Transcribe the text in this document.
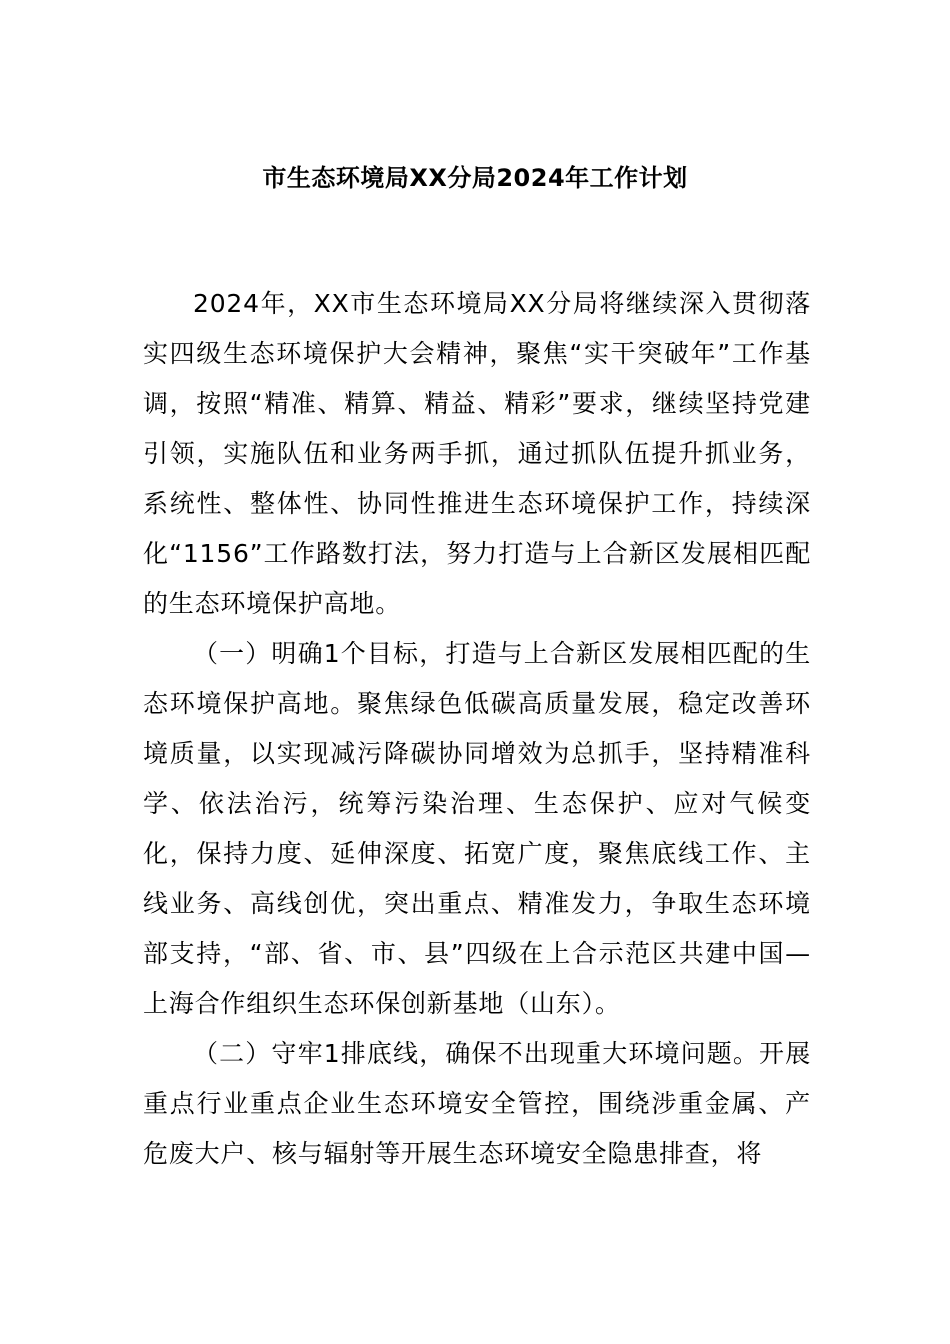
市生态环境局XX分局2024年工作计划

2024年，XX市生态环境局XX分局将继续深入贯彻落实四级生态环境保护大会精神，聚焦“实干突破年”工作基调，按照“精准、精算、精益、精彩”要求，继续坚持党建引领，实施队伍和业务两手抓，通过抓队伍提升抓业务，系统性、整体性、协同性推进生态环境保护工作，持续深化“1156”工作路数打法，努力打造与上合新区发展相匹配的生态环境保护高地。

（一）明确1个目标，打造与上合新区发展相匹配的生态环境保护高地。聚焦绿色低碳高质量发展，稳定改善环境质量，以实现减污降碳协同增效为总抓手，坚持精准科学、依法治污，统筹污染治理、生态保护、应对气候变化，保持力度、延伸深度、拓宽广度，聚焦底线工作、主线业务、高线创优，突出重点、精准发力，争取生态环境部支持，“部、省、市、县”四级在上合示范区共建中国—上海合作组织生态环保创新基地（山东）。

（二）守牢1排底线，确保不出现重大环境问题。开展重点行业重点企业生态环境安全管控，围绕涉重金属、产危废大户、核与辐射等开展生态环境安全隐患排查，将
